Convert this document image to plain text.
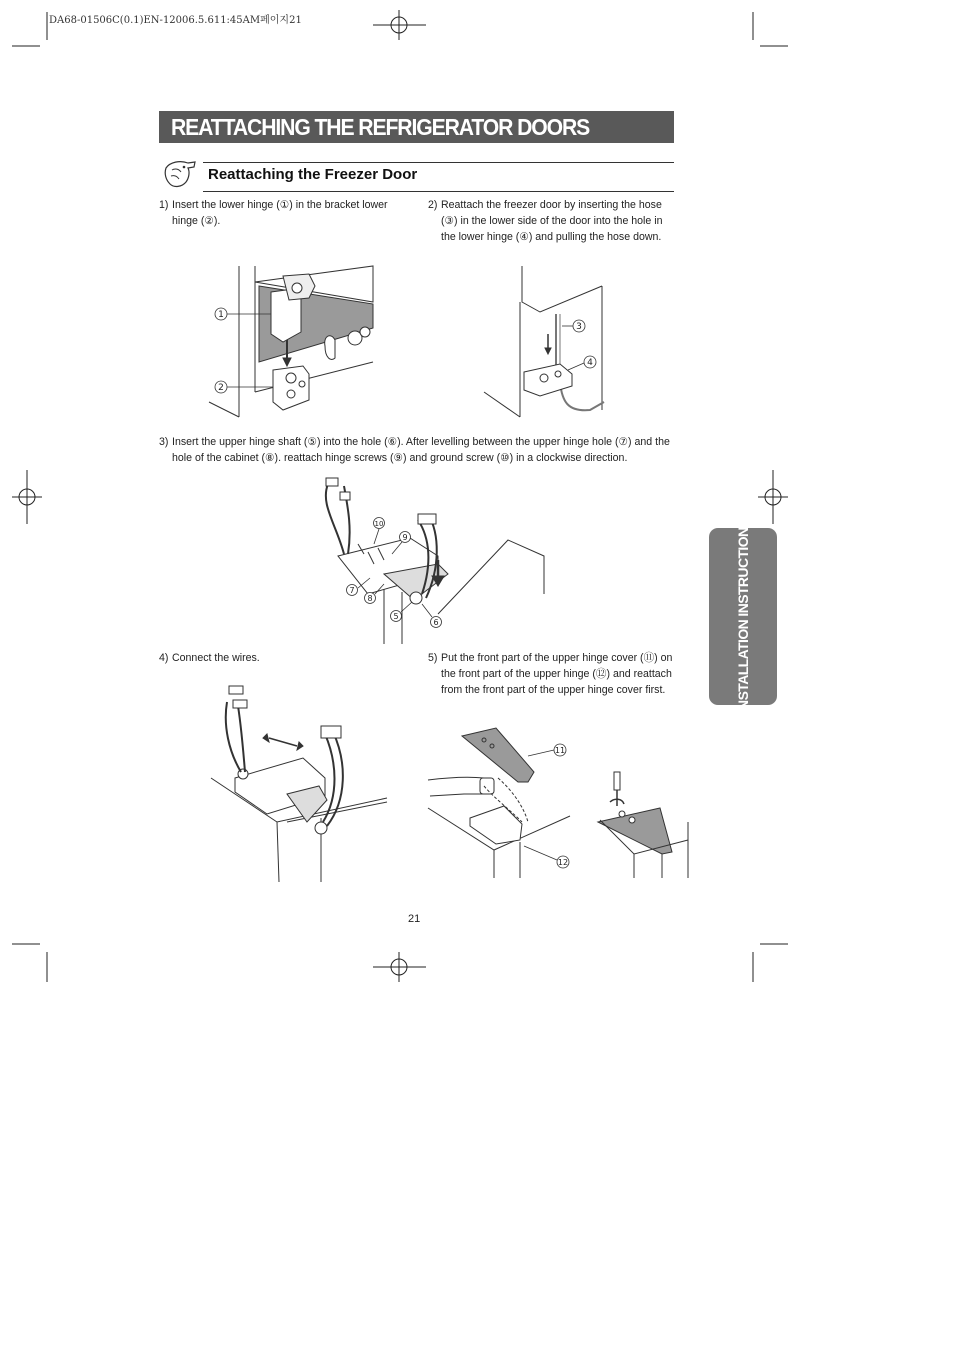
DA68-01506C(0.1)EN-12006.5.611:45AM페이지21
REATTACHING THE REFRIGERATOR DOORS
Reattaching the Freezer Door
1) Insert the lower hinge (①) in the bracket lower hinge (②).
2) Reattach the freezer door by inserting the hose (③) in the lower side of the door into the hole in the lower hinge (④) and pulling the hose down.
3) Insert the upper hinge shaft (⑤) into the hole (⑥). After levelling between the upper hinge hole (⑦) and the hole of the cabinet (⑧). reattach hinge screws (⑨) and ground screw (⑩) in a clockwise direction.
4) Connect the wires.	5) Put the front part of the upper hinge cover (⑪) on the front part of the upper hinge (⑫) and reattach from the front part of the upper hinge cover first.
1
2
3
4
10
9
7
8
5
6
11
12
INSTALLATION INSTRUCTIONS
21
